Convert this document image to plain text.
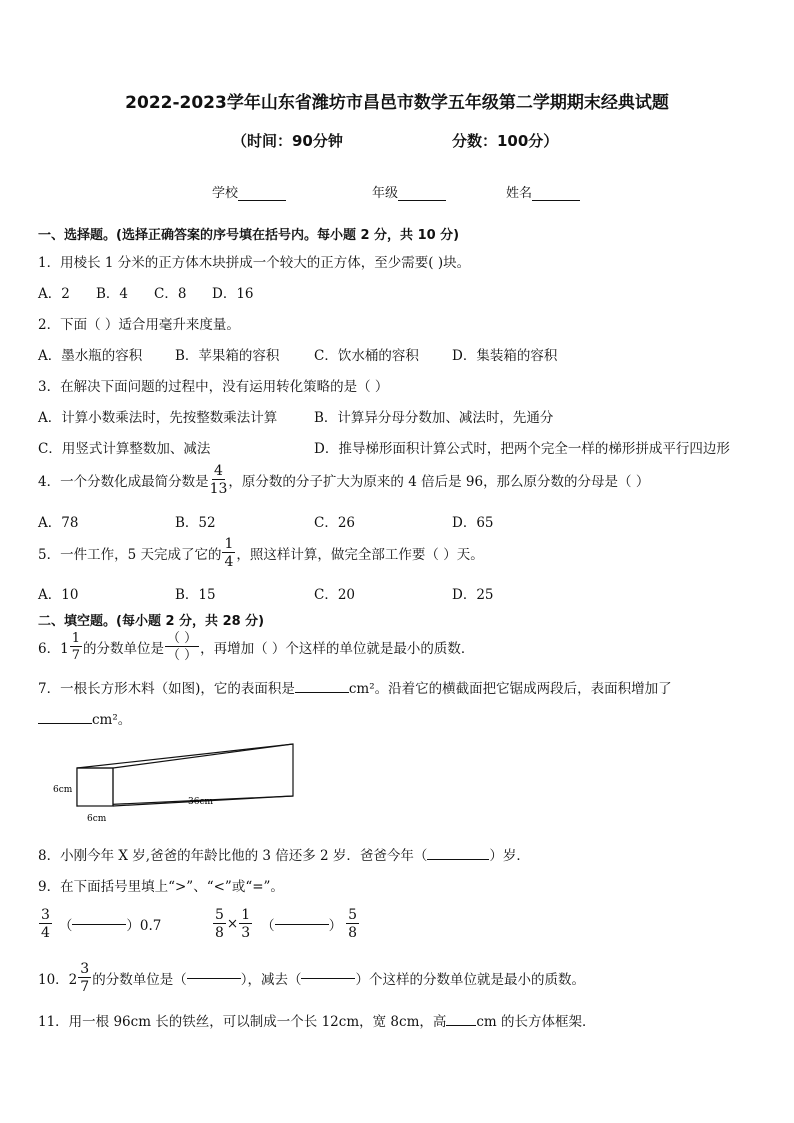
2022-2023学年山东省潍坊市昌邑市数学五年级第二学期期末经典试题
（时间：90分钟	分数：100分）
学校	年级	姓名
一、选择题。(选择正确答案的序号填在括号内。每小题 2 分，共 10 分)
1．用棱长 1 分米的正方体木块拼成一个较大的正方体，至少需要( )块。
A．2 B．4 C．8 D．16
2．下面（ ）适合用毫升来度量。
A．墨水瓶的容积 B．苹果箱的容积	C．饮水桶的容积 D．集装箱的容积
3．在解决下面问题的过程中，没有运用转化策略的是（ ）
A．计算小数乘法时，先按整数乘法计算	B．计算异分母分数加、减法时，先通分
C．用竖式计算整数加、减法	D．推导梯形面积计算公式时，把两个完全一样的梯形拼成平行四边形
4．一个分数化成最简分数是 $\frac{4}{13}$ ，原分数的分子扩大为原来的 4 倍后是 96，那么原分数的分母是（ ）
A．78	B．52	C．26	D．65
5．一件工作，5 天完成了它的 $\frac{1}{4}$ ，照这样计算，做完全部工作要（ ）天。
A．10	B．15	C．20	D．25
二、填空题。(每小题 2 分，共 28 分)
6．$1 \frac{1}{7}$ 的分数单位是 $\frac{( )}{( )}$ ，再增加（ ）个这样的单位就是最小的质数．
7．一根长方形木料（如图)，它的表面积是	cm²。沿着它的横截面把它锯成两段后，表面积增加了
cm²。
6cm
36cm
6cm
8．小刚今年 X 岁,爸爸的年龄比他的 3 倍还多 2 岁．爸爸今年（	）岁．
9．在下面括号里填上“>”、“<”或“=”。
$\frac{3}{4}$ （	）0.7	$\frac{5}{8} \times \frac{1}{3}$ （	） $\frac{5}{8}$
10．$2 \frac{3}{7}$ 的分数单位是（	），减去（	）个这样的分数单位就是最小的质数。
11．用一根 96cm 长的铁丝，可以制成一个长 12cm，宽 8cm，高 cm 的长方体框架．
